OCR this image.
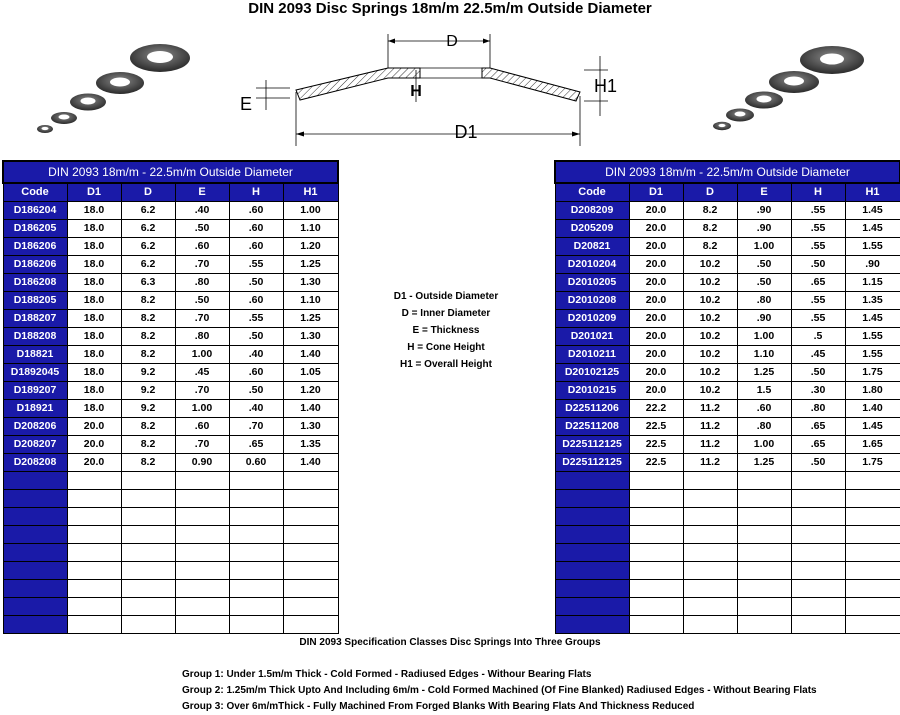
DIN 2093 Disc Springs 18m/m 22.5m/m Outside Diameter
D
H	H1
E
D1
DIN 2093 18m/m - 22.5m/m Outside Diameter					
Code	D1	D	E	H	H1
D186204	18.0	6.2	.40	.60	1.00
D186205	18.0	6.2	.50	.60	1.10
D186206	18.0	6.2	.60	.60	1.20
D186206	18.0	6.2	.70	.55	1.25
D186208	18.0	6.3	.80	.50	1.30
D188205	18.0	8.2	.50	.60	1.10
D188207	18.0	8.2	.70	.55	1.25
D188208	18.0	8.2	.80	.50	1.30
D18821	18.0	8.2	1.00	.40	1.40
D1892045	18.0	9.2	.45	.60	1.05
D189207	18.0	9.2	.70	.50	1.20
D18921	18.0	9.2	1.00	.40	1.40
D208206	20.0	8.2	.60	.70	1.30
D208207	20.0	8.2	.70	.65	1.35
D208208	20.0	8.2	0.90	0.60	1.40

D1 - Outside Diameter
D = Inner Diameter
E = Thickness
H = Cone Height
H1 = Overall Height
DIN 2093 18m/m - 22.5m/m Outside Diameter					
Code	D1	D	E	H	H1
D208209	20.0	8.2	.90	.55	1.45
D205209	20.0	8.2	.90	.55	1.45
D20821	20.0	8.2	1.00	.55	1.55
D2010204	20.0	10.2	.50	.50	.90
D2010205	20.0	10.2	.50	.65	1.15
D2010208	20.0	10.2	.80	.55	1.35
D2010209	20.0	10.2	.90	.55	1.45
D201021	20.0	10.2	1.00	.5	1.55
D2010211	20.0	10.2	1.10	.45	1.55
D20102125	20.0	10.2	1.25	.50	1.75
D2010215	20.0	10.2	1.5	.30	1.80
D22511206	22.2	11.2	.60	.80	1.40
D22511208	22.5	11.2	.80	.65	1.45
D225112125	22.5	11.2	1.00	.65	1.65
D225112125	22.5	11.2	1.25	.50	1.75

DIN 2093 Specification Classes Disc Springs Into Three Groups
Group 1: Under 1.5m/m Thick - Cold Formed - Radiused Edges - Withour Bearing Flats
Group 2: 1.25m/m Thick Upto And Including 6m/m - Cold Formed Machined (Of Fine Blanked) Radiused Edges - Without Bearing Flats
Group 3: Over 6m/mThick - Fully Machined From Forged Blanks With Bearing Flats And Thickness Reduced
